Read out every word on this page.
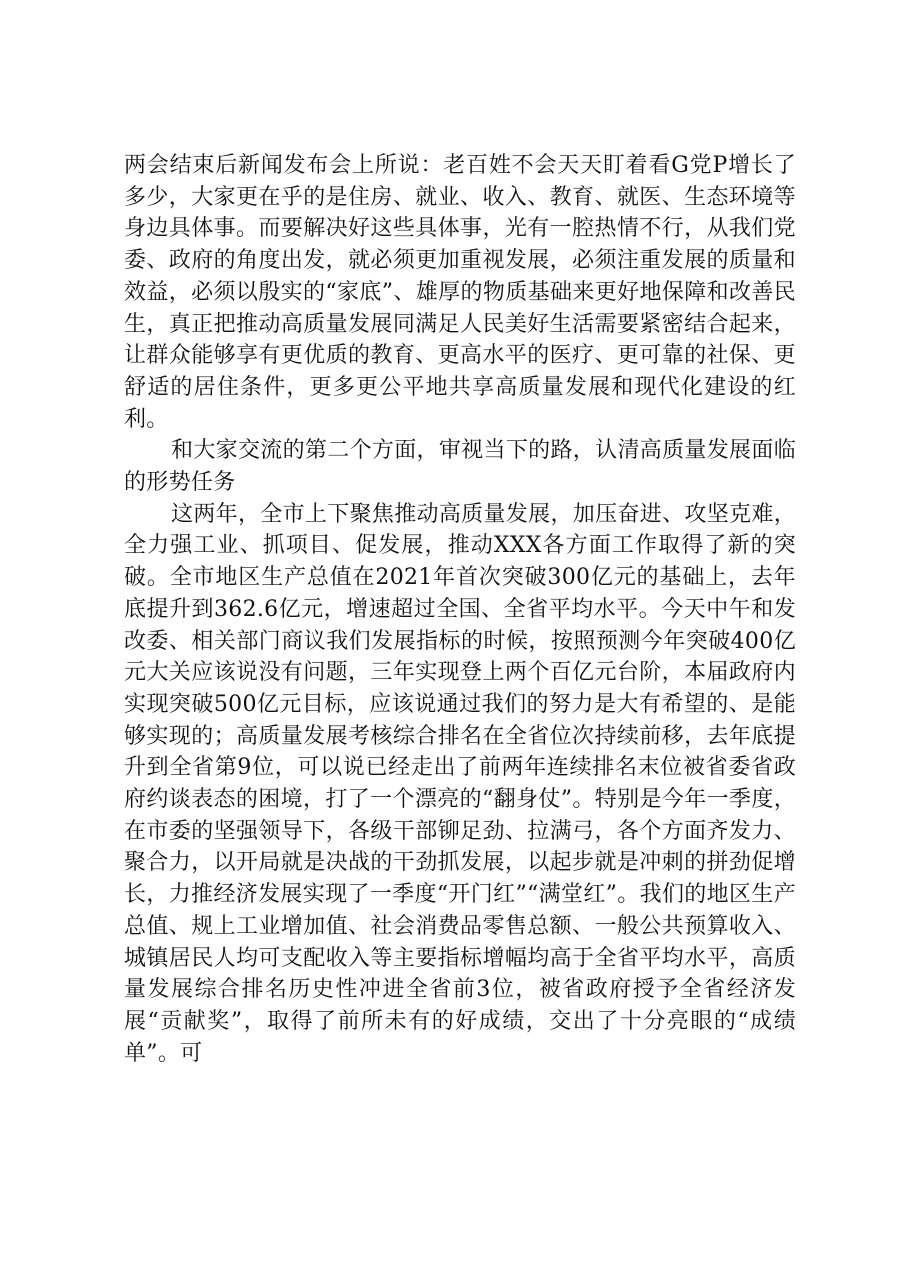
两会结束后新闻发布会上所说：老百姓不会天天盯着看G党P增长了多少，大家更在乎的是住房、就业、收入、教育、就医、生态环境等身边具体事。而要解决好这些具体事，光有一腔热情不行，从我们党委、政府的角度出发，就必须更加重视发展，必须注重发展的质量和效益，必须以殷实的“家底”、雄厚的物质基础来更好地保障和改善民生，真正把推动高质量发展同满足人民美好生活需要紧密结合起来，让群众能够享有更优质的教育、更高水平的医疗、更可靠的社保、更舒适的居住条件，更多更公平地共享高质量发展和现代化建设的红利。

和大家交流的第二个方面，审视当下的路，认清高质量发展面临的形势任务

这两年，全市上下聚焦推动高质量发展，加压奋进、攻坚克难，全力强工业、抓项目、促发展，推动XXX各方面工作取得了新的突破。全市地区生产总值在2021年首次突破300亿元的基础上，去年底提升到362.6亿元，增速超过全国、全省平均水平。今天中午和发改委、相关部门商议我们发展指标的时候，按照预测今年突破400亿元大关应该说没有问题，三年实现登上两个百亿元台阶，本届政府内实现突破500亿元目标，应该说通过我们的努力是大有希望的、是能够实现的；高质量发展考核综合排名在全省位次持续前移，去年底提升到全省第9位，可以说已经走出了前两年连续排名末位被省委省政府约谈表态的困境，打了一个漂亮的“翻身仗”。特别是今年一季度，在市委的坚强领导下，各级干部铆足劲、拉满弓，各个方面齐发力、聚合力，以开局就是决战的干劲抓发展，以起步就是冲刺的拼劲促增长，力推经济发展实现了一季度“开门红”“满堂红”。我们的地区生产总值、规上工业增加值、社会消费品零售总额、一般公共预算收入、城镇居民人均可支配收入等主要指标增幅均高于全省平均水平，高质量发展综合排名历史性冲进全省前3位，被省政府授予全省经济发展“贡献奖”，取得了前所未有的好成绩，交出了十分亮眼的“成绩单”。可
